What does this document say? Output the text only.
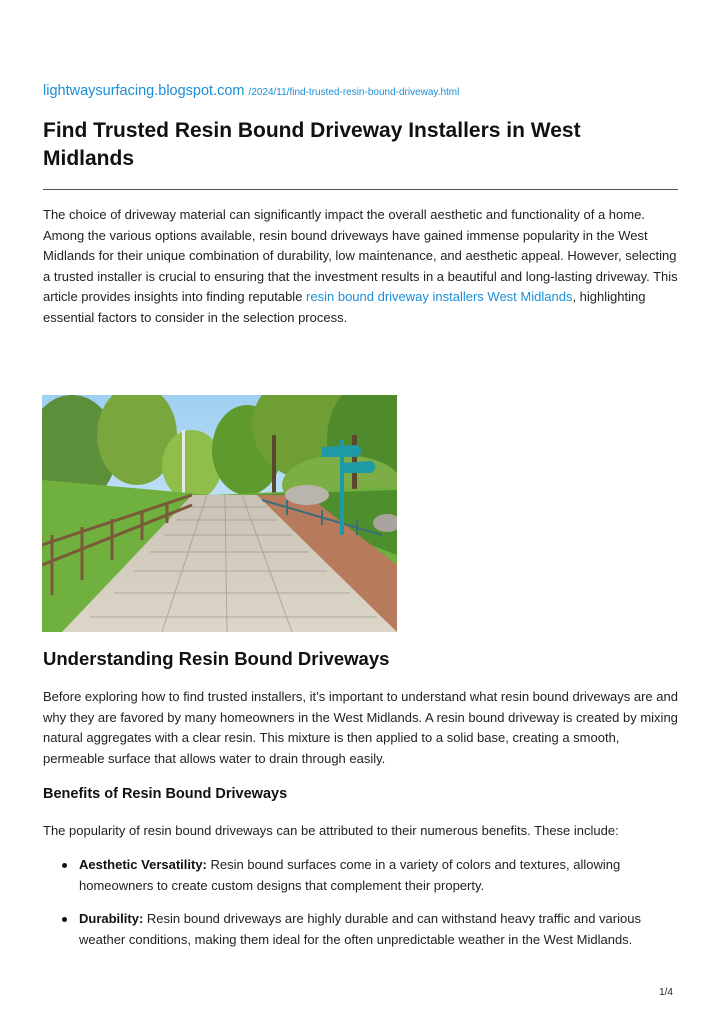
lightwaysurfacing.blogspot.com /2024/11/find-trusted-resin-bound-driveway.html
Find Trusted Resin Bound Driveway Installers in West Midlands

The choice of driveway material can significantly impact the overall aesthetic and functionality of a home. Among the various options available, resin bound driveways have gained immense popularity in the West Midlands for their unique combination of durability, low maintenance, and aesthetic appeal. However, selecting a trusted installer is crucial to ensuring that the investment results in a beautiful and long-lasting driveway. This article provides insights into finding reputable resin bound driveway installers West Midlands, highlighting essential factors to consider in the selection process.

Understanding Resin Bound Driveways

Before exploring how to find trusted installers, it’s important to understand what resin bound driveways are and why they are favored by many homeowners in the West Midlands. A resin bound driveway is created by mixing natural aggregates with a clear resin. This mixture is then applied to a solid base, creating a smooth, permeable surface that allows water to drain through easily.

Benefits of Resin Bound Driveways

The popularity of resin bound driveways can be attributed to their numerous benefits. These include:

Aesthetic Versatility: Resin bound surfaces come in a variety of colors and textures, allowing homeowners to create custom designs that complement their property.
Durability: Resin bound driveways are highly durable and can withstand heavy traffic and various weather conditions, making them ideal for the often unpredictable weather in the West Midlands.
1/4
